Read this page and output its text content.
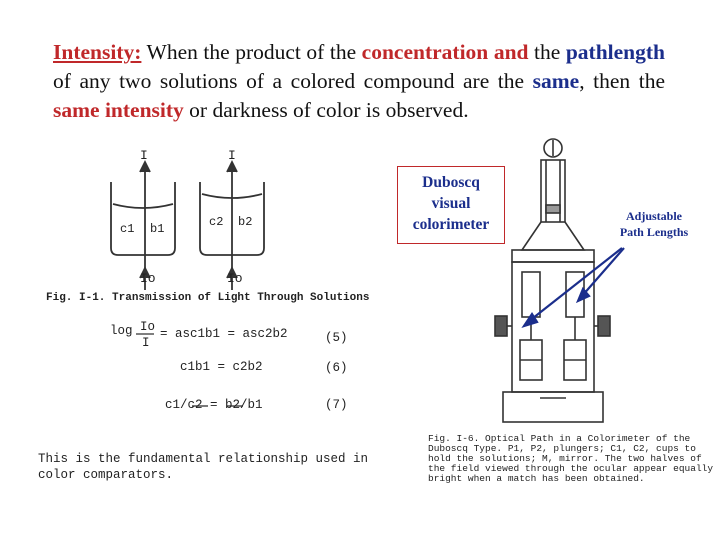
Intensity: When the product of the concentration and the pathlength of any two solutions of a colored compound are the same, then the same intensity or darkness of color is observed.
I	I
c1 b1	c2 b2
Io	Io
Fig. I-1. Transmission of Light Through Solutions
log Io
I
= asc1b1 = asc2b2	(5)
c1b1 = c2b2	(6)
c1/c2 = b2/b1	(7)
This is the fundamental relationship used in
color comparators.
Duboscq
visual
colorimeter	Adjustable
Path Lengths
Fig. I-6. Optical Path in a Colorimeter of the
Duboscq Type. P1, P2, plungers; C1, C2, cups to
hold the solutions; M, mirror. The two halves of
the field viewed through the ocular appear equally
bright when a match has been obtained.
